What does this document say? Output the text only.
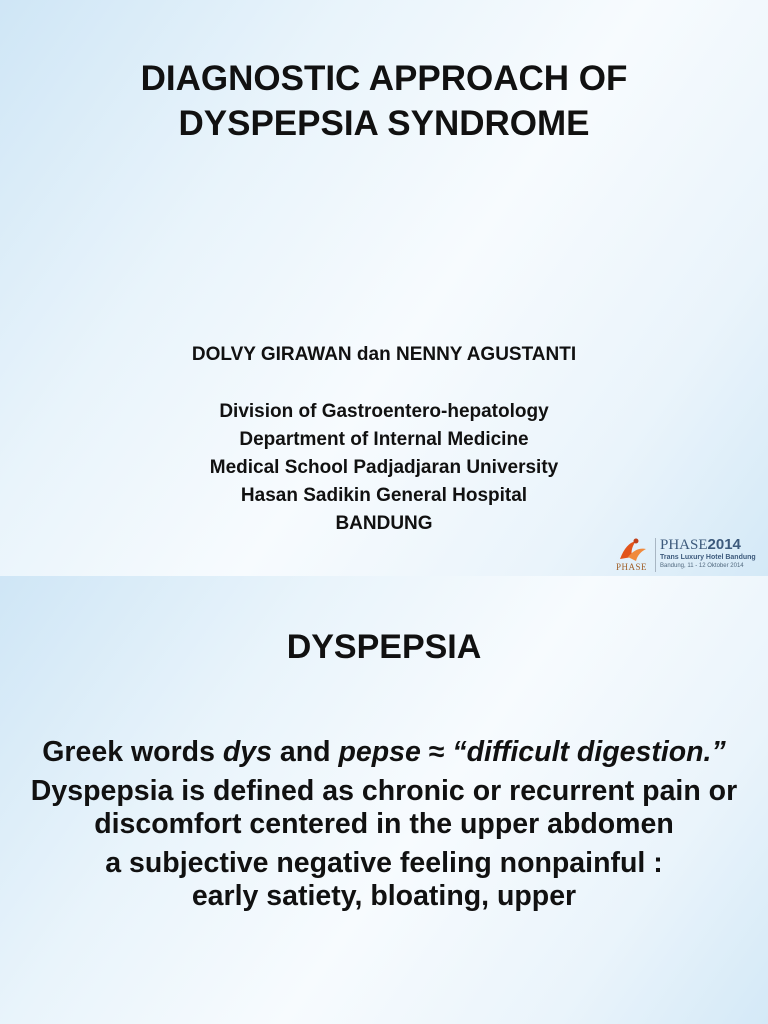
DIAGNOSTIC APPROACH OF
DYSPEPSIA SYNDROME
DOLVY GIRAWAN dan NENNY AGUSTANTI
Division of Gastroentero-hepatology
Department of Internal Medicine
Medical School Padjadjaran University
Hasan Sadikin General Hospital
BANDUNG
PHASE
PHASE2014
Trans Luxury Hotel Bandung
Bandung, 11 - 12 Oktober 2014
DYSPEPSIA

Greek words dys and pepse ≈ “difficult digestion.”

Dyspepsia is defined as chronic or recurrent pain or discomfort centered in the upper abdomen

a subjective negative feeling nonpainful :
early satiety, bloating, upper
